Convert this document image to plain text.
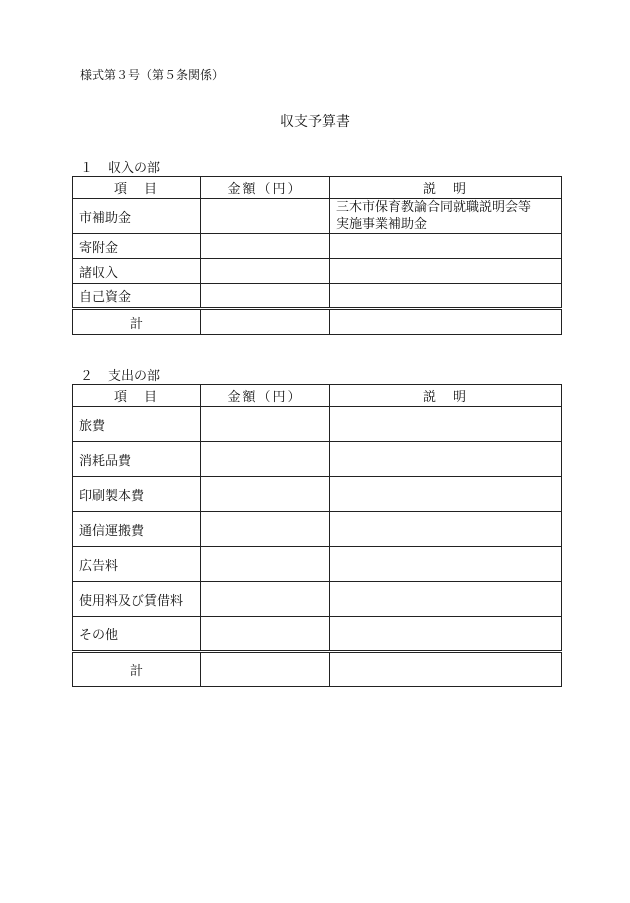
様式第３号（第５条関係）
収支予算書
１ 収入の部
項　目	金額（円）	説　明
市補助金		三木市保育教論合同就職説明会等
実施事業補助金
寄附金		
諸収入		
自己資金		
計		
２ 支出の部
項　目	金額（円）	説　明
旅費		
消耗品費		
印刷製本費		
通信運搬費		
広告料		
使用料及び賃借料		
その他		
計		
